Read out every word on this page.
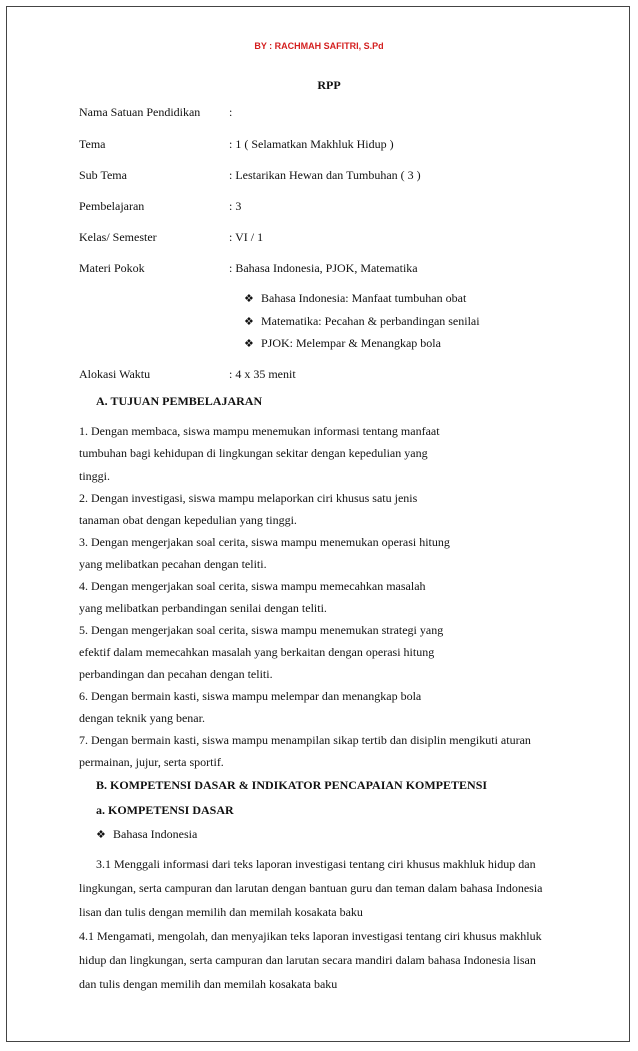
BY : RACHMAH SAFITRI, S.Pd
RPP
Nama Satuan Pendidikan :
Tema	: 1 ( Selamatkan Makhluk Hidup )
Sub Tema	: Lestarikan Hewan dan Tumbuhan ( 3 )
Pembelajaran	: 3
Kelas/ Semester	: VI / 1
Materi Pokok	: Bahasa Indonesia, PJOK, Matematika
❖ Bahasa Indonesia: Manfaat tumbuhan obat
❖ Matematika: Pecahan & perbandingan senilai
❖ PJOK: Melempar & Menangkap bola
Alokasi Waktu	: 4 x 35 menit
A. TUJUAN PEMBELAJARAN
1. Dengan membaca, siswa mampu menemukan informasi tentang manfaat
tumbuhan bagi kehidupan di lingkungan sekitar dengan kepedulian yang
tinggi.
2. Dengan investigasi, siswa mampu melaporkan ciri khusus satu jenis
tanaman obat dengan kepedulian yang tinggi.
3. Dengan mengerjakan soal cerita, siswa mampu menemukan operasi hitung
yang melibatkan pecahan dengan teliti.
4. Dengan mengerjakan soal cerita, siswa mampu memecahkan masalah
yang melibatkan perbandingan senilai dengan teliti.
5. Dengan mengerjakan soal cerita, siswa mampu menemukan strategi yang
efektif dalam memecahkan masalah yang berkaitan dengan operasi hitung
perbandingan dan pecahan dengan teliti.
6. Dengan bermain kasti, siswa mampu melempar dan menangkap bola
dengan teknik yang benar.
7. Dengan bermain kasti, siswa mampu menampilan sikap tertib dan disiplin mengikuti aturan
permainan, jujur, serta sportif.
B. KOMPETENSI DASAR & INDIKATOR PENCAPAIAN KOMPETENSI
a. KOMPETENSI DASAR
❖ Bahasa Indonesia
3.1 Menggali informasi dari teks laporan investigasi tentang ciri khusus makhluk hidup dan
lingkungan, serta campuran dan larutan dengan bantuan guru dan teman dalam bahasa Indonesia
lisan dan tulis dengan memilih dan memilah kosakata baku
4.1 Mengamati, mengolah, dan menyajikan teks laporan investigasi tentang ciri khusus makhluk
hidup dan lingkungan, serta campuran dan larutan secara mandiri dalam bahasa Indonesia lisan
dan tulis dengan memilih dan memilah kosakata baku
